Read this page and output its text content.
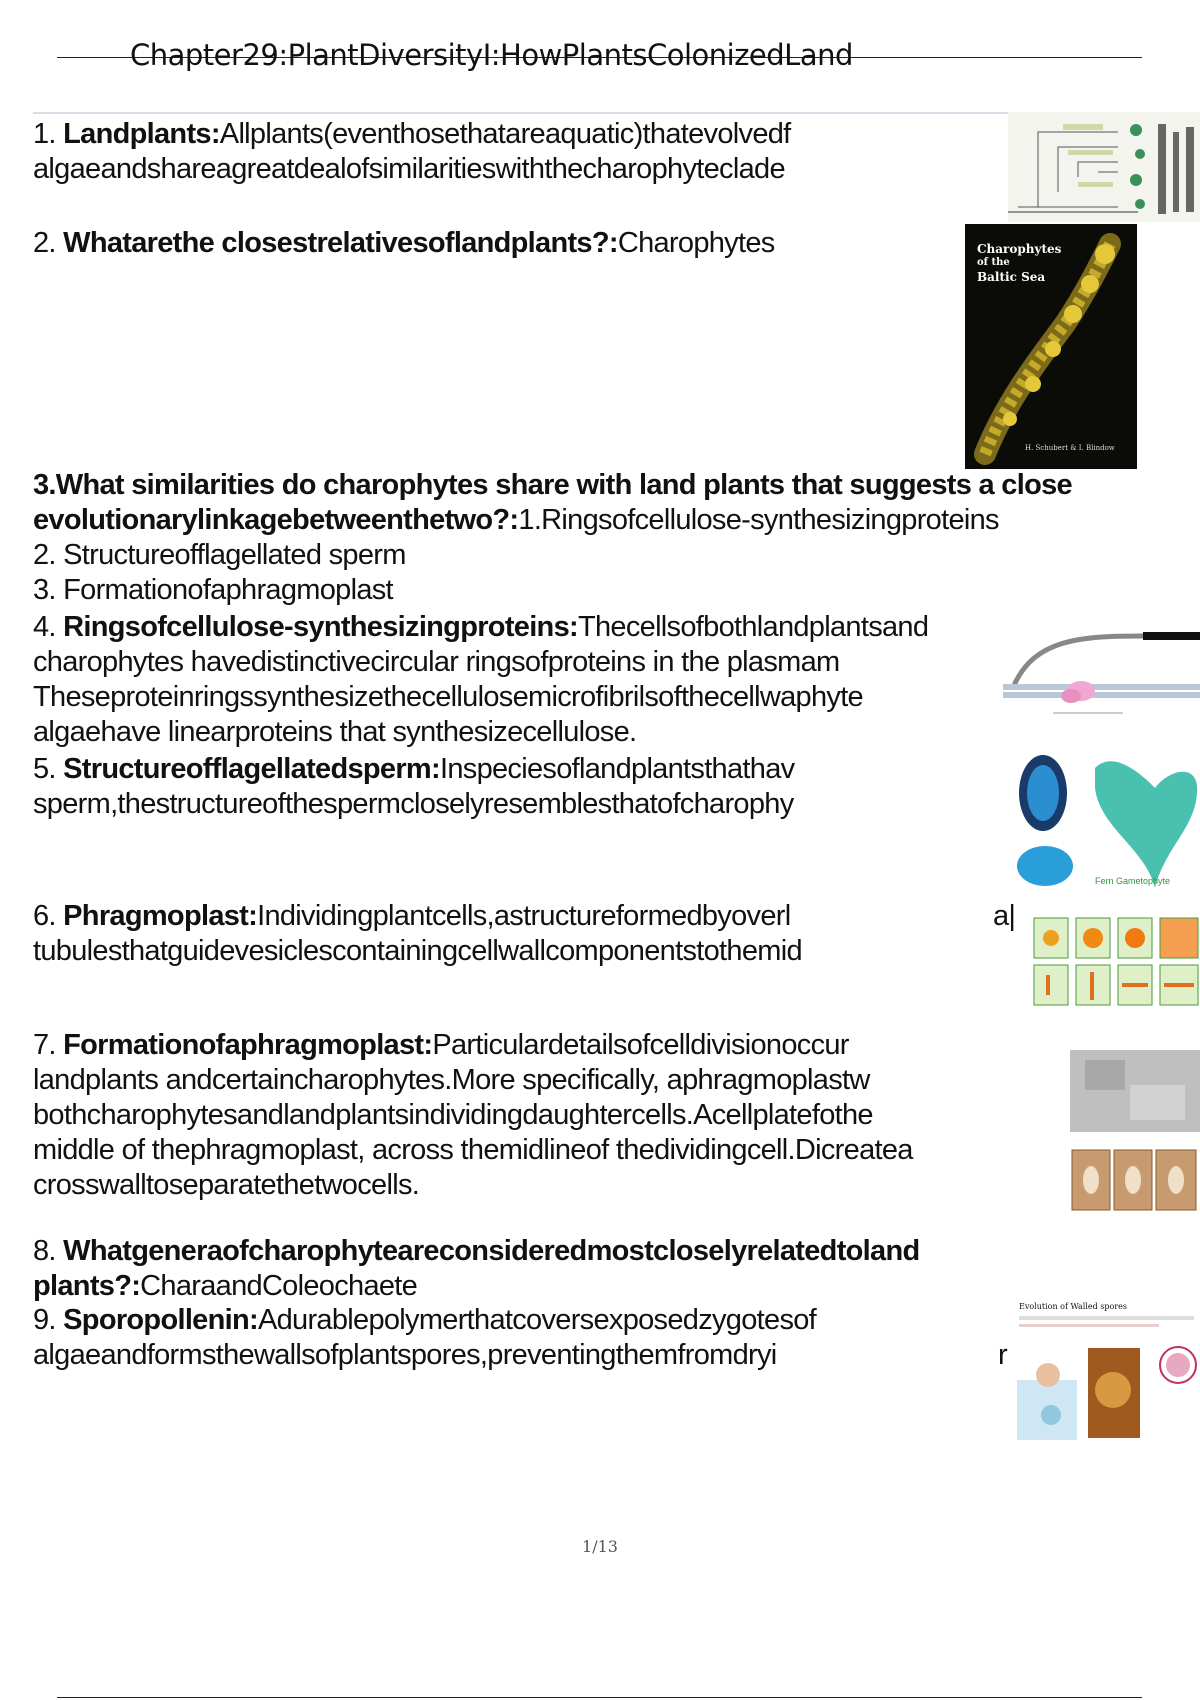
Chapter29:PlantDiversityI:HowPlantsColonizedLand
1. Landplants:Allplants(eventhosethatareaquatic)thatevolvedf
algaeandshareagreatdealofsimilaritieswiththecharophyteclade
2. Whatarethe closestrelativesoflandplants?:Charophytes
3.What similarities do charophytes share with land plants that suggests a close
evolutionarylinkagebetweenthetwo?:1.Ringsofcellulose-synthesizingproteins
2. Structureofflagellated sperm
3. Formationofaphragmoplast
4. Ringsofcellulose-synthesizingproteins:Thecellsofbothlandplantsand
charophytes havedistinctivecircular ringsofproteins in the plasmam
Theseproteinringssynthesizethecellulosemicrofibrilsofthecellwaphyte
algaehave linearproteins that synthesizecellulose.
5. Structureofflagellatedsperm:Inspeciesoflandplantsthathav
sperm,thestructureofthespermcloselyresemblesthatofcharophy
6. Phragmoplast:Individingplantcells,astructureformedbyoverl
tubulesthatguidevesiclescontainingcellwallcomponentstothemid
a|
7. Formationofaphragmoplast:Particulardetailsofcelldivisionoccur
landplants andcertaincharophytes.More specifically, aphragmoplastw
bothcharophytesandlandplantsindividingdaughtercells.Acellplatefothe
middle of thephragmoplast, across themidlineof thedividingcell.Dicreatea
crosswalltoseparatethetwocells.
8. Whatgeneraofcharophyteareconsideredmostcloselyrelatedtoland
plants?:CharaandColeochaete
9. Sporopollenin:Adurablepolymerthatcoversexposedzygotesof
algaeandformsthewallsofplantspores,preventingthemfromdryi	r
Charophytes
of the
Baltic Sea
H. Schubert & I. Blindow
Fern Gametophyte
Evolution of Walled spores
1/13
